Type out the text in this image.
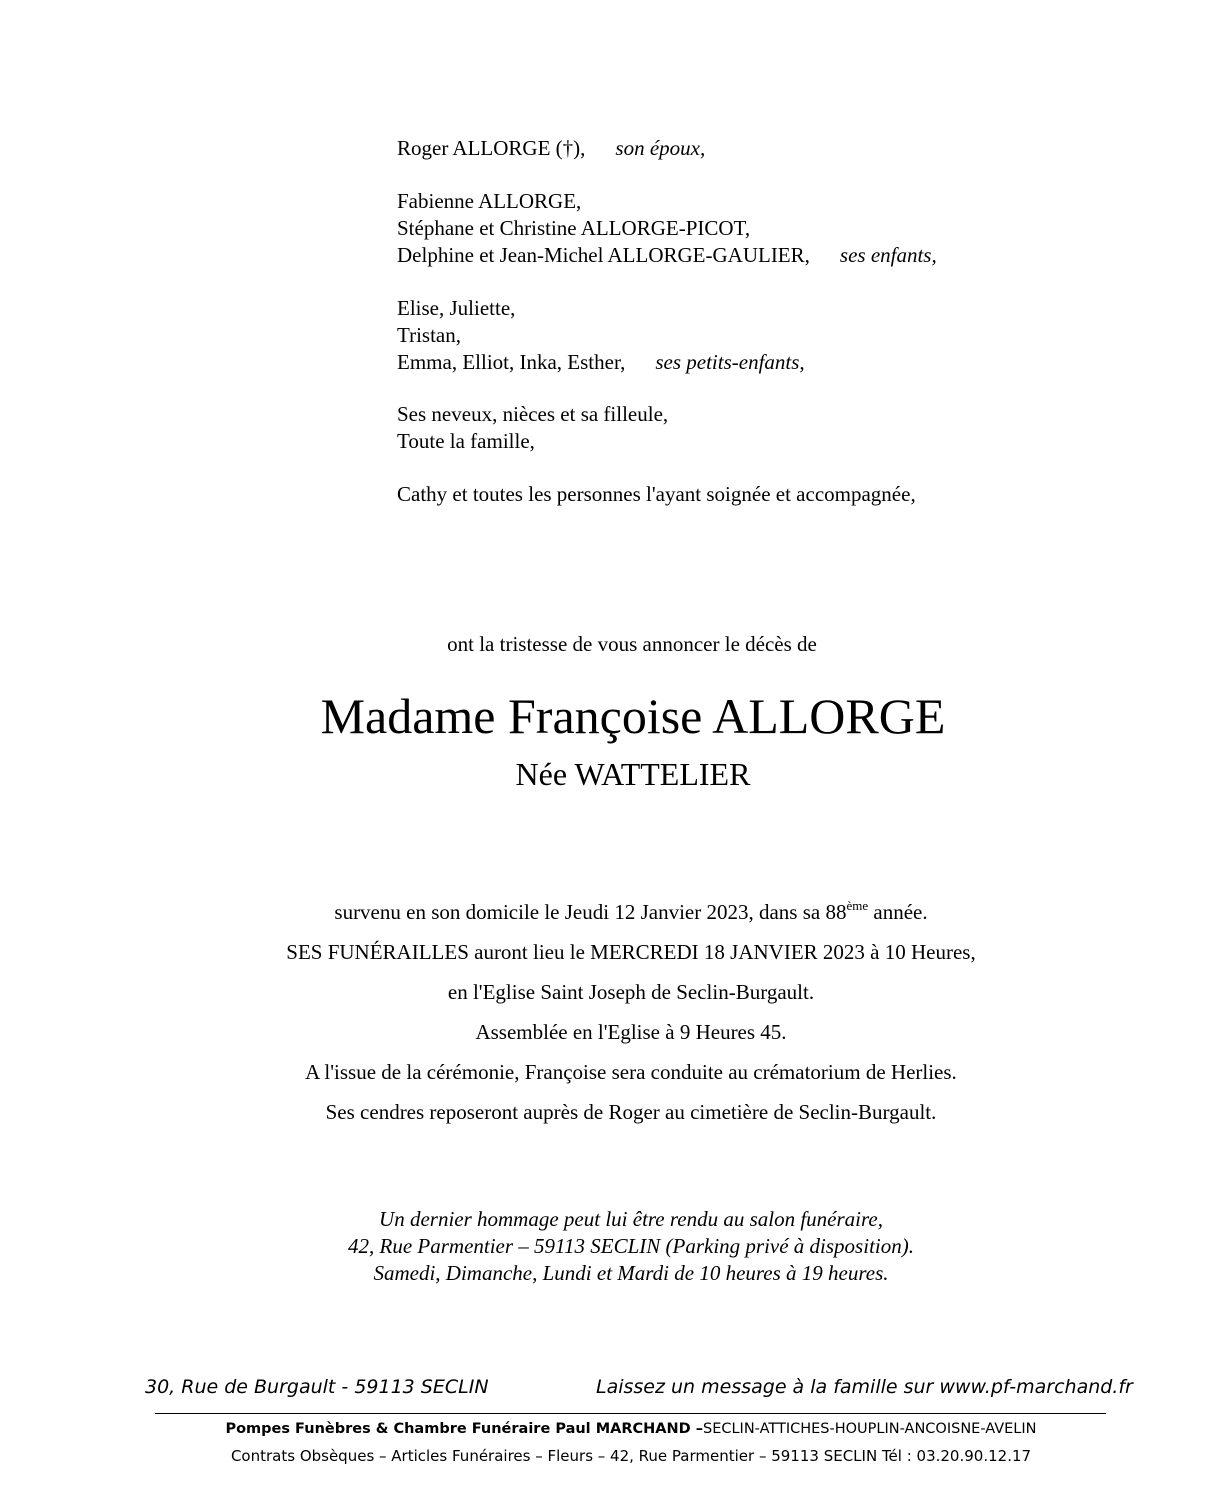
Roger ALLORGE (†), son époux,
Fabienne ALLORGE,
Stéphane et Christine ALLORGE-PICOT,
Delphine et Jean-Michel ALLORGE-GAULIER, ses enfants,
Elise, Juliette,
Tristan,
Emma, Elliot, Inka, Esther, ses petits-enfants,
Ses neveux, nièces et sa filleule,
Toute la famille,
Cathy et toutes les personnes l'ayant soignée et accompagnée,
ont la tristesse de vous annoncer le décès de
Madame Françoise ALLORGE
Née WATTELIER
survenu en son domicile le Jeudi 12 Janvier 2023, dans sa 88ème année.
SES FUNÉRAILLES auront lieu le MERCREDI 18 JANVIER 2023 à 10 Heures,
en l'Eglise Saint Joseph de Seclin-Burgault.
Assemblée en l'Eglise à 9 Heures 45.
A l'issue de la cérémonie, Françoise sera conduite au crématorium de Herlies.
Ses cendres reposeront auprès de Roger au cimetière de Seclin-Burgault.
Un dernier hommage peut lui être rendu au salon funéraire,
42, Rue Parmentier – 59113 SECLIN (Parking privé à disposition).
Samedi, Dimanche, Lundi et Mardi de 10 heures à 19 heures.
30, Rue de Burgault - 59113 SECLIN	Laissez un message à la famille sur www.pf-marchand.fr
Pompes Funèbres & Chambre Funéraire Paul MARCHAND –SECLIN-ATTICHES-HOUPLIN-ANCOISNE-AVELIN
Contrats Obsèques – Articles Funéraires – Fleurs – 42, Rue Parmentier – 59113 SECLIN Tél : 03.20.90.12.17
